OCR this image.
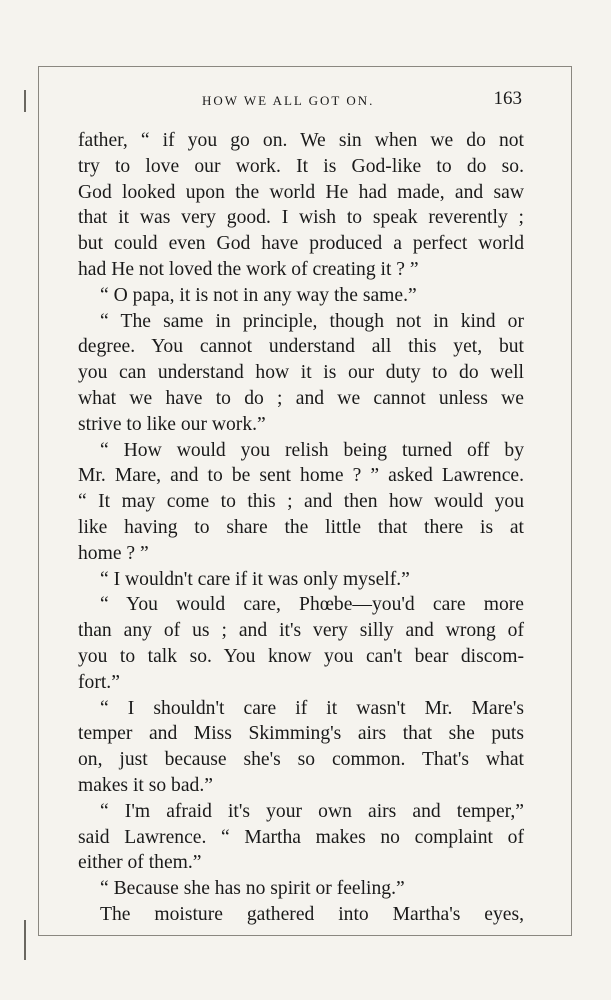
HOW WE ALL GOT ON.	163
father, “ if you go on. We sin when we do not
try to love our work. It is God-like to do so.
God looked upon the world He had made, and saw
that it was very good. I wish to speak reverently ;
but could even God have produced a perfect world
had He not loved the work of creating it ? ”
“ O papa, it is not in any way the same.”
“ The same in principle, though not in kind or
degree. You cannot understand all this yet, but
you can understand how it is our duty to do well
what we have to do ; and we cannot unless we
strive to like our work.”
“ How would you relish being turned off by
Mr. Mare, and to be sent home ? ” asked Lawrence.
“ It may come to this ; and then how would you
like having to share the little that there is at
home ? ”
“ I wouldn't care if it was only myself.”
“ You would care, Phœbe—you'd care more
than any of us ; and it's very silly and wrong of
you to talk so. You know you can't bear discom-
fort.”
“ I shouldn't care if it wasn't Mr. Mare's
temper and Miss Skimming's airs that she puts
on, just because she's so common. That's what
makes it so bad.”
“ I'm afraid it's your own airs and temper,”
said Lawrence. “ Martha makes no complaint of
either of them.”
“ Because she has no spirit or feeling.”
The moisture gathered into Martha's eyes,
